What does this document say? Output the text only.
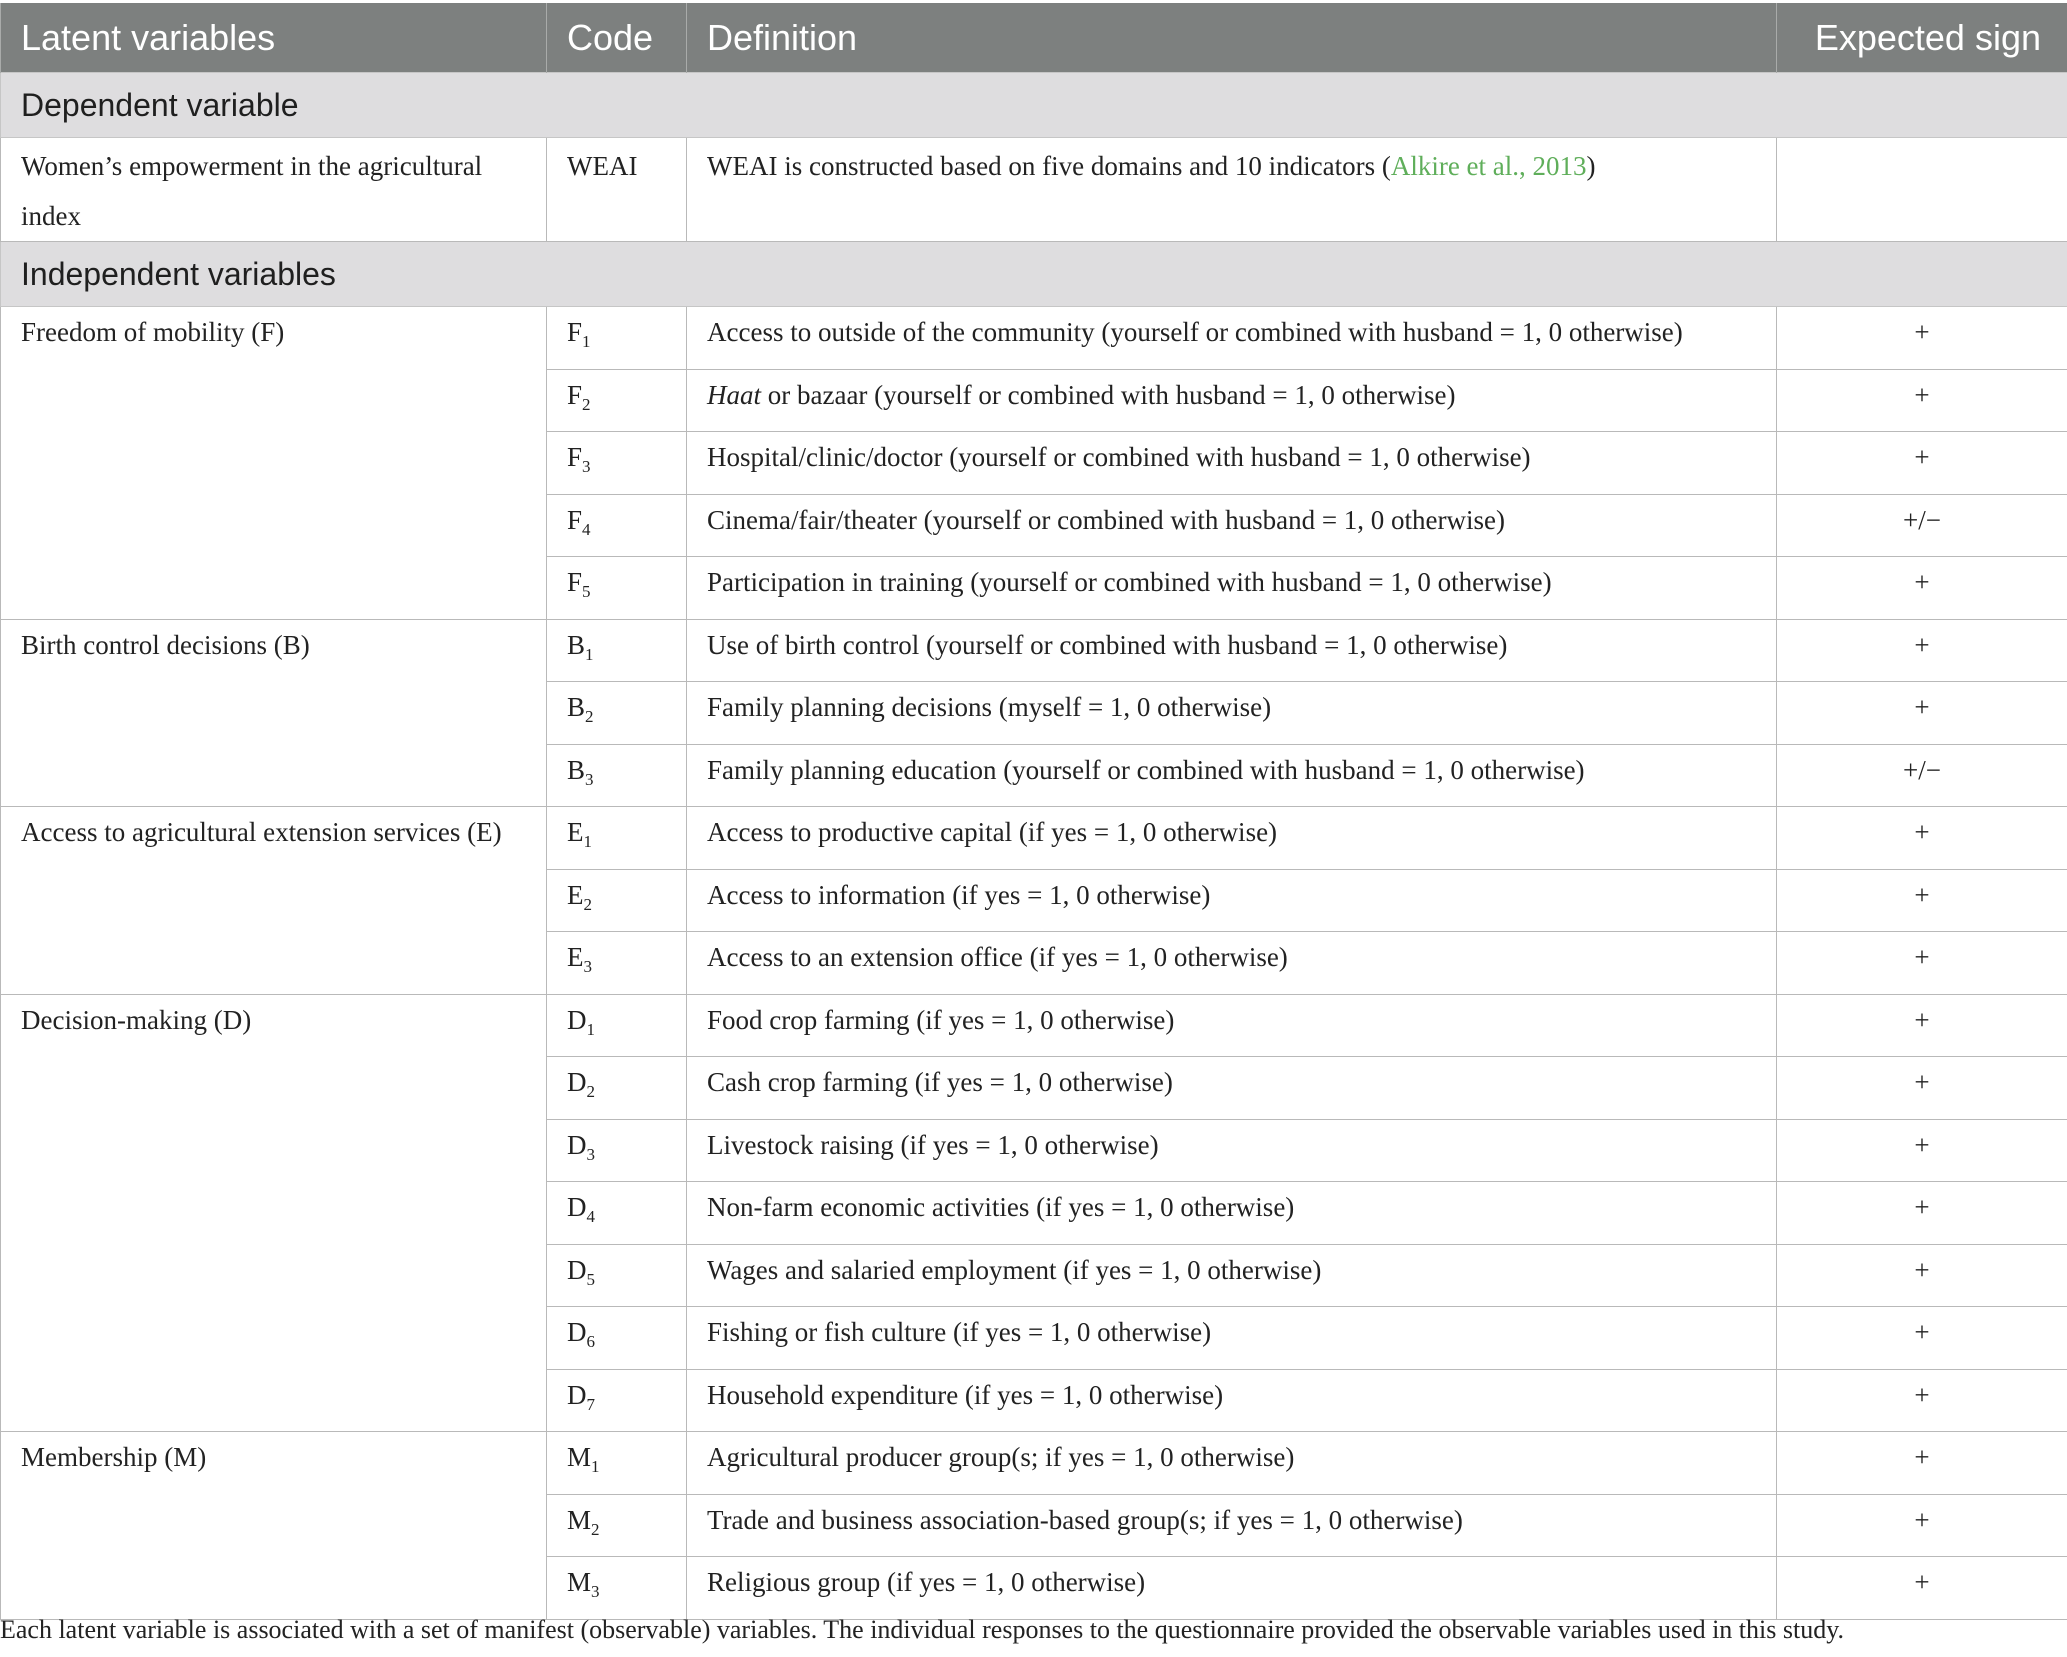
Latent variables	Code	Definition	Expected sign
Dependent variable			
Women’s empowerment in the agricultural index	WEAI	WEAI is constructed based on five domains and 10 indicators (Alkire et al., 2013)	
Independent variables			
Freedom of mobility (F)	$F_1$	Access to outside of the community (yourself or combined with husband = 1, 0 otherwise)	+
	$F_2$	Haat or bazaar (yourself or combined with husband = 1, 0 otherwise)	+
	$F_3$	Hospital/clinic/doctor (yourself or combined with husband = 1, 0 otherwise)	+
	$F_4$	Cinema/fair/theater (yourself or combined with husband = 1, 0 otherwise)	+/−
	$F_5$	Participation in training (yourself or combined with husband = 1, 0 otherwise)	+
Birth control decisions (B)	$B_1$	Use of birth control (yourself or combined with husband = 1, 0 otherwise)	+
	$B_2$	Family planning decisions (myself = 1, 0 otherwise)	+
	$B_3$	Family planning education (yourself or combined with husband = 1, 0 otherwise)	+/−
Access to agricultural extension services (E)	$E_1$	Access to productive capital (if yes = 1, 0 otherwise)	+
	$E_2$	Access to information (if yes = 1, 0 otherwise)	+
	$E_3$	Access to an extension office (if yes = 1, 0 otherwise)	+
Decision-making (D)	$D_1$	Food crop farming (if yes = 1, 0 otherwise)	+
	$D_2$	Cash crop farming (if yes = 1, 0 otherwise)	+
	$D_3$	Livestock raising (if yes = 1, 0 otherwise)	+
	$D_4$	Non-farm economic activities (if yes = 1, 0 otherwise)	+
	$D_5$	Wages and salaried employment (if yes = 1, 0 otherwise)	+
	$D_6$	Fishing or fish culture (if yes = 1, 0 otherwise)	+
	$D_7$	Household expenditure (if yes = 1, 0 otherwise)	+
Membership (M)	$M_1$	Agricultural producer group(s; if yes = 1, 0 otherwise)	+
	$M_2$	Trade and business association-based group(s; if yes = 1, 0 otherwise)	+
	$M_3$	Religious group (if yes = 1, 0 otherwise)	+
Each latent variable is associated with a set of manifest (observable) variables. The individual responses to the questionnaire provided the observable variables used in this study.
